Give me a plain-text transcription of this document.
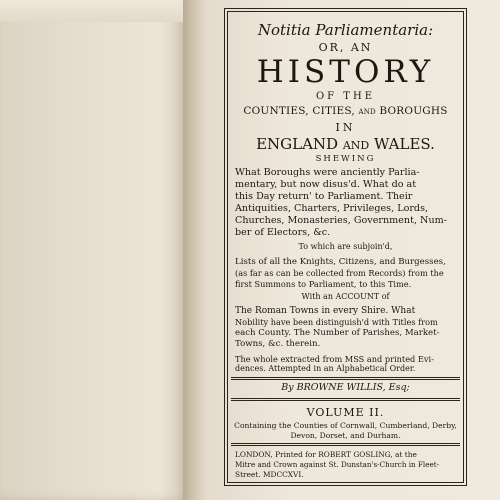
Notitia Parliamentaria:
OR, AN
HISTORY
OF THE
COUNTIES, CITIES, and BOROUGHS
IN
ENGLAND and WALES.
SHEWING
What Boroughs were anciently Parlia-
mentary, but now disus'd. What do at
this Day return' to Parliament. Their
Antiquities, Charters, Privileges, Lords,
Churches, Monasteries, Government, Num-
ber of Electors, &c.
To which are subjoin'd,
Lists of all the Knights, Citizens, and Burgesses,
(as far as can be collected from Records) from the
first Summons to Parliament, to this Time.
With an ACCOUNT of
The Roman Towns in every Shire. What
Nobility have been distinguish'd with Titles from
each County. The Number of Parishes, Market-
Towns, &c. therein.
The whole extracted from MSS and printed Evi-
dences. Attempted in an Alphabetical Order.
By BROWNE WILLIS, Esq;
VOLUME II.
Containing the Counties of Cornwall, Cumberland, Derby,
Devon, Dorset, and Durham.
LONDON, Printed for ROBERT GOSLING, at the
Mitre and Crown against St. Dunstan's-Church in Fleet-
Street. MDCCXVI.
